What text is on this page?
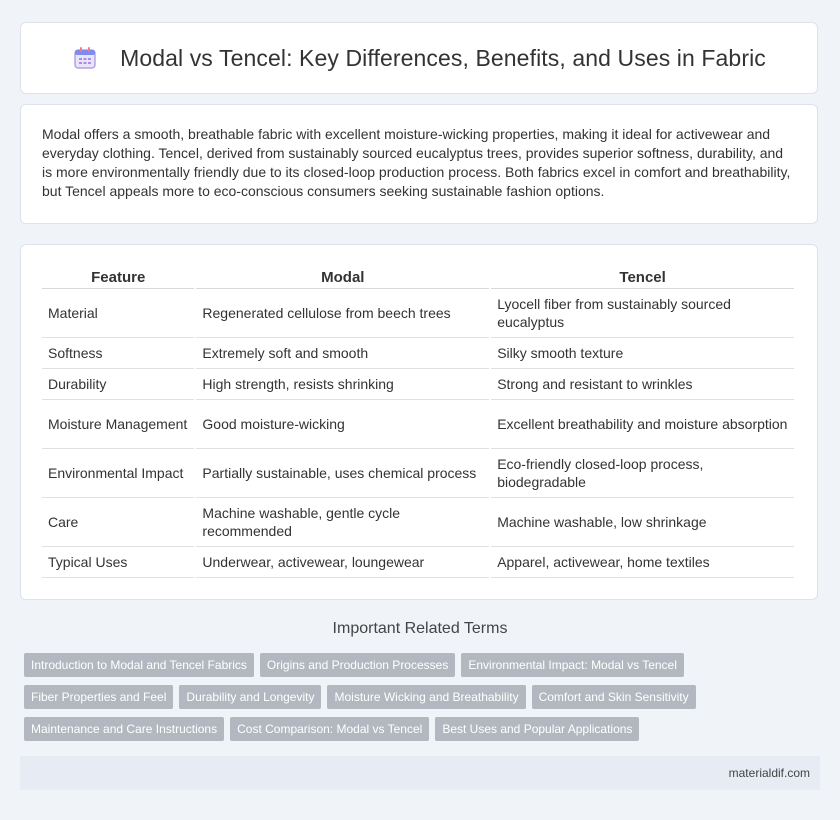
Modal vs Tencel: Key Differences, Benefits, and Uses in Fabric

Modal offers a smooth, breathable fabric with excellent moisture-wicking properties, making it ideal for activewear and everyday clothing. Tencel, derived from sustainably sourced eucalyptus trees, provides superior softness, durability, and is more environmentally friendly due to its closed-loop production process. Both fabrics excel in comfort and breathability, but Tencel appeals more to eco-conscious consumers seeking sustainable fashion options.

Feature	Modal	Tencel
Material	Regenerated cellulose from beech trees	Lyocell fiber from sustainably sourced eucalyptus
Softness	Extremely soft and smooth	Silky smooth texture
Durability	High strength, resists shrinking	Strong and resistant to wrinkles
Moisture Management	Good moisture-wicking	Excellent breathability and moisture absorption
Environmental Impact	Partially sustainable, uses chemical process	Eco-friendly closed-loop process, biodegradable
Care	Machine washable, gentle cycle recommended	Machine washable, low shrinkage
Typical Uses	Underwear, activewear, loungewear	Apparel, activewear, home textiles
Important Related Terms
Introduction to Modal and Tencel Fabrics Origins and Production Processes Environmental Impact: Modal vs Tencel
Fiber Properties and Feel Durability and Longevity Moisture Wicking and Breathability Comfort and Skin Sensitivity
Maintenance and Care Instructions Cost Comparison: Modal vs Tencel Best Uses and Popular Applications
materialdif.com
